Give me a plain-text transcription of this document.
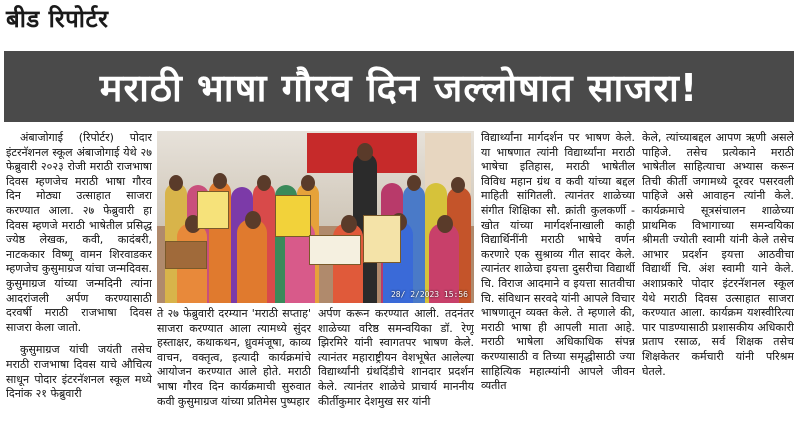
बीड रिपोर्टर
मराठी भाषा गौरव दिन जल्लोषात साजरा!

अंबाजोगाई (रिपोर्टर) पोदार इंटरनॅशनल स्कूल अंबाजोगाई येथे २७ फेब्रुवारी २०२३ रोजी मराठी राजभाषा दिवस म्हणजेच मराठी भाषा गौरव दिन मोठ्या उत्साहात साजरा करण्यात आला. २७ फेब्रुवारी हा दिवस म्हणजे मराठी भाषेतील प्रसिद्ध ज्येष्ठ लेखक, कवी, कादंबरी, नाटककार विष्णू वामन शिरवाडकर म्हणजेच कुसुमाग्रज यांचा जन्मदिवस. कुसुमाग्रज यांच्या जन्मदिनी त्यांना आदरांजली अर्पण करण्यासाठी दरवर्षी मराठी राजभाषा दिवस साजरा केला जातो.

कुसुमाग्रज यांची जयंती तसेच मराठी राजभाषा दिवस याचे औचित्य साधून पोदार इंटरनॅशनल स्कूल मध्ये दिनांक २१ फेब्रुवारी

28/ 2/2023 15:56

ते २७ फेब्रुवारी दरम्यान 'मराठी सप्ताह' साजरा करण्यात आला त्यामध्ये सुंदर हस्ताक्षर, कथाकथन, ध्रुवमंजूषा, काव्य वाचन, वक्तृत्व, इत्यादी कार्यक्रमांचे आयोजन करण्यात आले होते. मराठी भाषा गौरव दिन कार्यक्रमाची सुरुवात कवी कुसुमाग्रज यांच्या प्रतिमेस पुष्पहार

अर्पण करून करण्यात आली. तदनंतर शाळेच्या वरिष्ठ समन्वयिका डॉ. रेणू झिरमिरे यांनी स्वागतपर भाषण केले. त्यानंतर महाराष्ट्रीयन वेशभूषेत आलेल्या विद्यार्थ्यांनी ग्रंथदिंडीचे शानदार प्रदर्शन केले. त्यानंतर शाळेचे प्राचार्य माननीय कीर्तीकुमार देशमुख सर यांनी

विद्यार्थ्यांना मार्गदर्शन पर भाषण केले. या भाषणात त्यांनी विद्यार्थ्यांना मराठी भाषेचा इतिहास, मराठी भाषेतील विविध महान ग्रंथ व कवी यांच्या बद्दल माहिती सांगितली. त्यानंतर शाळेच्या संगीत शिक्षिका सौ. क्रांती कुलकर्णी - खोत यांच्या मार्गदर्शनाखाली काही विद्यार्थिनींनी मराठी भाषेचे वर्णन करणारे एक सुश्राव्य गीत सादर केले. त्यानंतर शाळेचा इयत्ता दुसरीचा विद्यार्थी चि. विराज आदमाने व इयत्ता सातवीचा चि. संविधान सरवदे यांनी आपले विचार भाषणातून व्यक्त केले. ते म्हणाले की, मराठी भाषा ही आपली माता आहे. मराठी भाषेला अधिकाधिक संपन्न करण्यासाठी व तिच्या समृद्धीसाठी ज्या साहित्यिक महात्म्यांनी आपले जीवन व्यतीत

केले, त्यांच्याबद्दल आपण ऋणी असले पाहिजे. तसेच प्रत्येकाने मराठी भाषेतील साहित्याचा अभ्यास करून तिची कीर्ती जगामध्ये दूरवर पसरवली पाहिजे असे आवाहन त्यांनी केले. कार्यक्रमाचे सूत्रसंचालन शाळेच्या प्राथमिक विभागाच्या समन्वयिका श्रीमती ज्योती स्वामी यांनी केले तसेच आभार प्रदर्शन इयत्ता आठवीचा विद्यार्थी चि. अंश स्वामी याने केले. अशाप्रकारे पोदार इंटरनॅशनल स्कूल येथे मराठी दिवस उत्साहात साजरा करण्यात आला. कार्यक्रम यशस्वीरित्या पार पाडण्यासाठी प्रशासकीय अधिकारी प्रताप रसाळ, सर्व शिक्षक तसेच शिक्षकेतर कर्मचारी यांनी परिश्रम घेतले.
